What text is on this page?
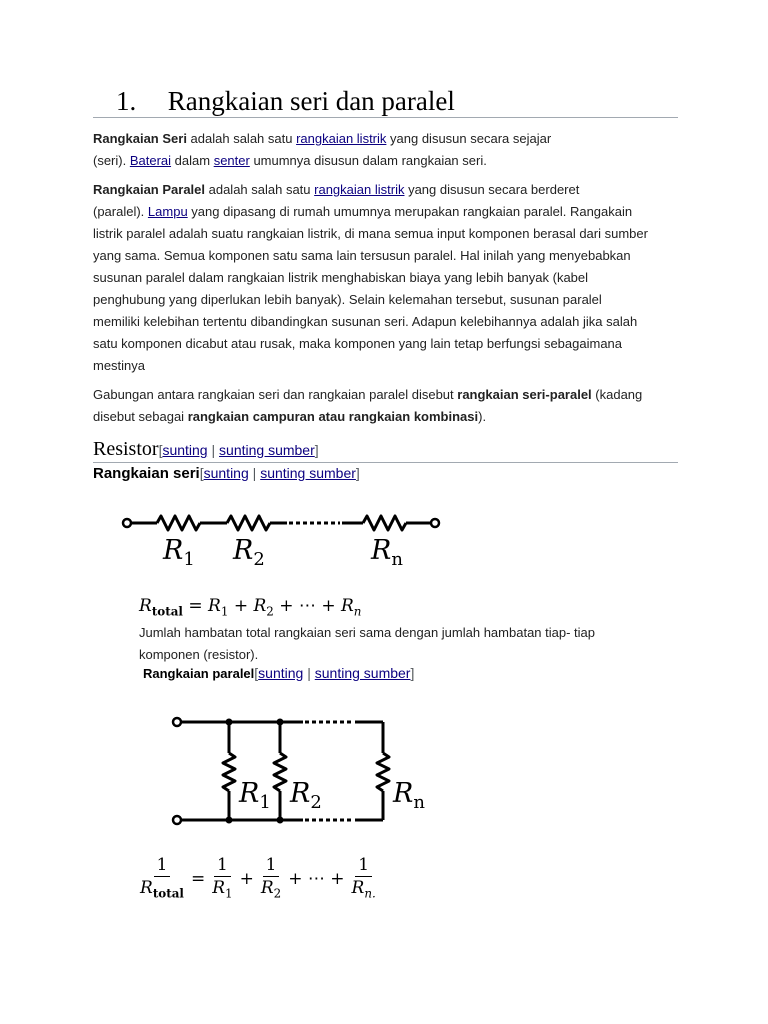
1. Rangkaian seri dan paralel
Rangkaian Seri adalah salah satu rangkaian listrik yang disusun secara sejajar
(seri). Baterai dalam senter umumnya disusun dalam rangkaian seri.
Rangkaian Paralel adalah salah satu rangkaian listrik yang disusun secara berderet
(paralel). Lampu yang dipasang di rumah umumnya merupakan rangkaian paralel. Rangakain
listrik paralel adalah suatu rangkaian listrik, di mana semua input komponen berasal dari sumber
yang sama. Semua komponen satu sama lain tersusun paralel. Hal inilah yang menyebabkan
susunan paralel dalam rangkaian listrik menghabiskan biaya yang lebih banyak (kabel
penghubung yang diperlukan lebih banyak). Selain kelemahan tersebut, susunan paralel
memiliki kelebihan tertentu dibandingkan susunan seri. Adapun kelebihannya adalah jika salah
satu komponen dicabut atau rusak, maka komponen yang lain tetap berfungsi sebagaimana
mestinya
Gabungan antara rangkaian seri dan rangkaian paralel disebut rangkaian seri-paralel (kadang
disebut sebagai rangkaian campuran atau rangkaian kombinasi).
Resistor[sunting | sunting sumber]
Rangkaian seri[sunting | sunting sumber]
$R_1$ $R_2$	$R_n$
$R_{total} = R_1 + R_2$ + ⋯ + $R_n$
Jumlah hambatan total rangkaian seri sama dengan jumlah hambatan tiap- tiap
komponen (resistor).
Rangkaian paralel[sunting | sunting sumber]
$R_1$ $R_2$	$R_n$
$\frac{1}{R_{total}} = \frac{1}{R_1} + \frac{1}{R_2}$ + ⋯ + $\frac{1}{R_{n.}}$
